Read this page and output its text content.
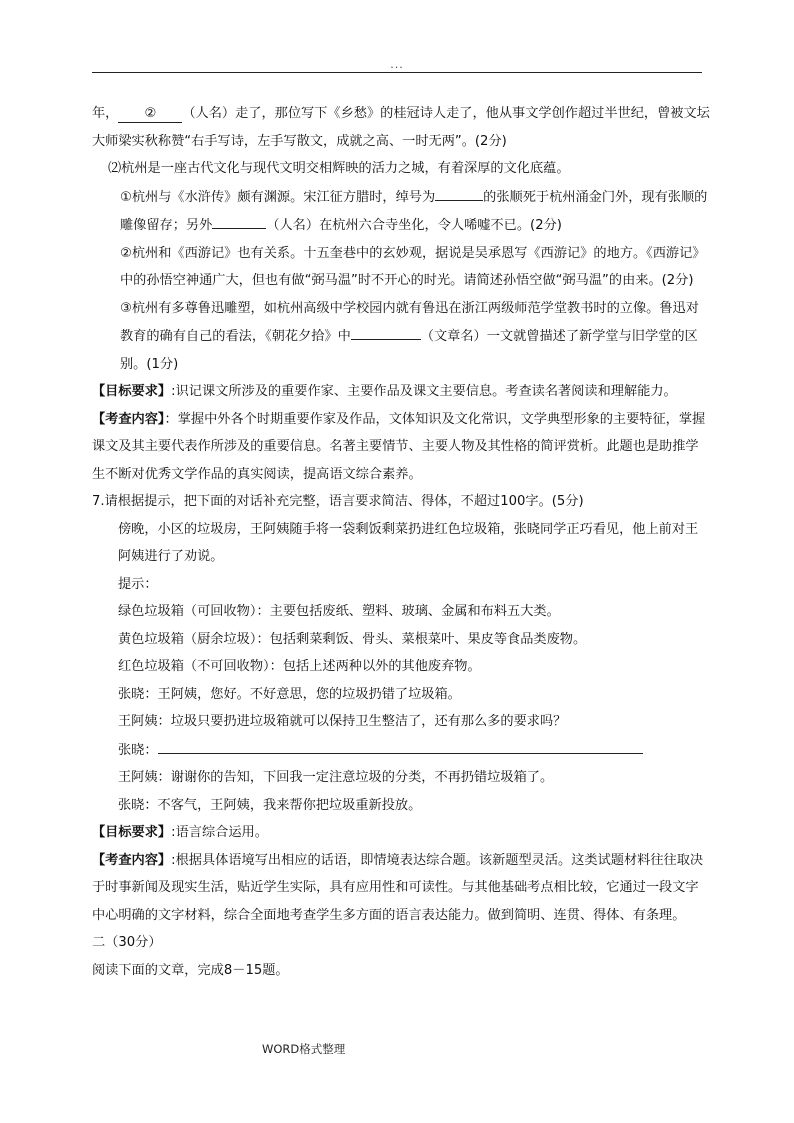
...

年， ② （人名）走了，那位写下《乡愁》的桂冠诗人走了，他从事文学创作超过半世纪，曾被文坛大师梁实秋称赞“右手写诗，左手写散文，成就之高、一时无两”。(2分)

⑵杭州是一座古代文化与现代文明交相辉映的活力之城，有着深厚的文化底蕴。

①杭州与《水浒传》颇有渊源。宋江征方腊时，绰号为	的张顺死于杭州涌金门外，现有张顺的雕像留存；另外	（人名）在杭州六合寺坐化，令人唏嘘不已。(2分)

②杭州和《西游记》也有关系。十五奎巷中的玄妙观，据说是吴承恩写《西游记》的地方。《西游记》中的孙悟空神通广大，但也有做“弼马温”时不开心的时光。请简述孙悟空做“弼马温”的由来。(2分)

③杭州有多尊鲁迅雕塑，如杭州高级中学校园内就有鲁迅在浙江两级师范学堂教书时的立像。鲁迅对教育的确有自己的看法，《朝花夕拾》中	（文章名）一文就曾描述了新学堂与旧学堂的区别。(1分)

【目标要求】:识记课文所涉及的重要作家、主要作品及课文主要信息。考查读名著阅读和理解能力。

【考查内容】：掌握中外各个时期重要作家及作品，文体知识及文化常识，文学典型形象的主要特征，掌握课文及其主要代表作所涉及的重要信息。名著主要情节、主要人物及其性格的简评赏析。此题也是助推学生不断对优秀文学作品的真实阅读，提高语文综合素养。

7.请根据提示，把下面的对话补充完整，语言要求简洁、得体，不超过100字。(5分)

傍晚，小区的垃圾房，王阿姨随手将一袋剩饭剩菜扔进红色垃圾箱，张晓同学正巧看见，他上前对王阿姨进行了劝说。

提示：

绿色垃圾箱（可回收物）：主要包括废纸、塑料、玻璃、金属和布料五大类。

黄色垃圾箱（厨余垃圾）：包括剩菜剩饭、骨头、菜根菜叶、果皮等食品类废物。

红色垃圾箱（不可回收物）：包括上述两种以外的其他废弃物。

张晓：王阿姨，您好。不好意思，您的垃圾扔错了垃圾箱。

王阿姨：垃圾只要扔进垃圾箱就可以保持卫生整洁了，还有那么多的要求吗？

张晓：

王阿姨：谢谢你的告知，下回我一定注意垃圾的分类，不再扔错垃圾箱了。

张晓：不客气，王阿姨，我来帮你把垃圾重新投放。

【目标要求】:语言综合运用。

【考查内容】:根据具体语境写出相应的话语，即情境表达综合题。该新题型灵活。这类试题材料往往取决于时事新闻及现实生活，贴近学生实际，具有应用性和可读性。与其他基础考点相比较，它通过一段文字中心明确的文字材料，综合全面地考查学生多方面的语言表达能力。做到简明、连贯、得体、有条理。

二（30分）

阅读下面的文章，完成8－15题。

WORD格式整理
